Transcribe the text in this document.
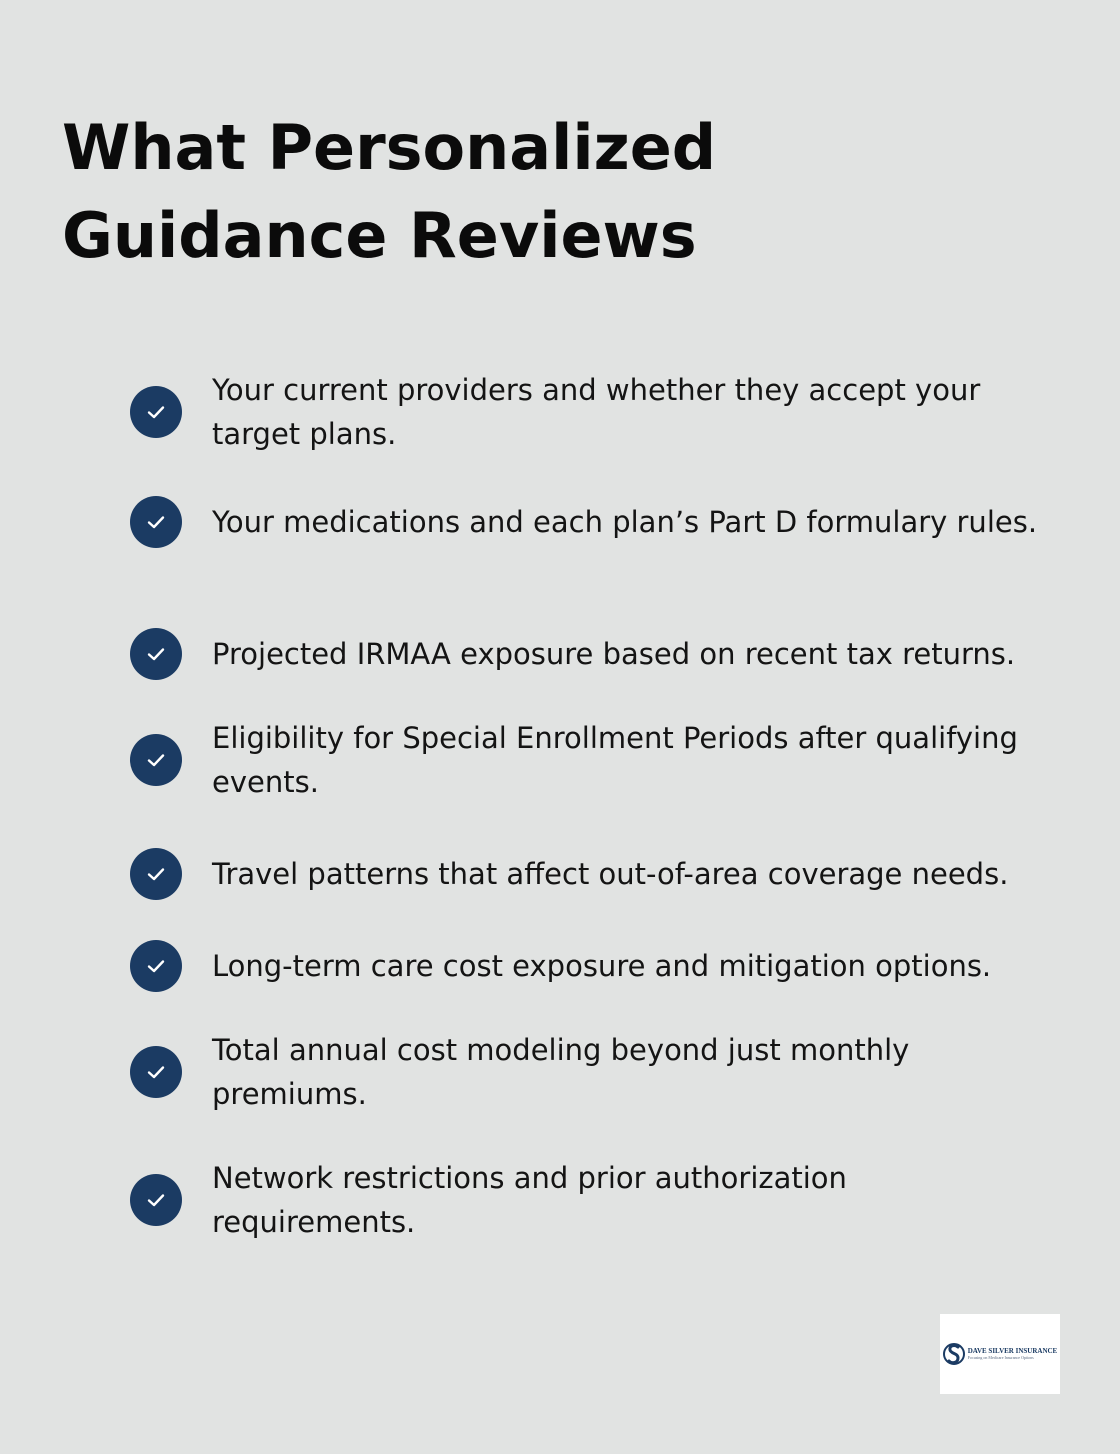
What Personalized Guidance Reviews
Your current providers and whether they accept your target plans.
Your medications and each plan’s Part D formulary rules.
Projected IRMAA exposure based on recent tax returns.
Eligibility for Special Enrollment Periods after qualifying events.
Travel patterns that affect out-of-area coverage needs.
Long-term care cost exposure and mitigation options.
Total annual cost modeling beyond just monthly premiums.
Network restrictions and prior authorization requirements.
DAVE SILVER INSURANCE
Focusing on Medicare Insurance Options
